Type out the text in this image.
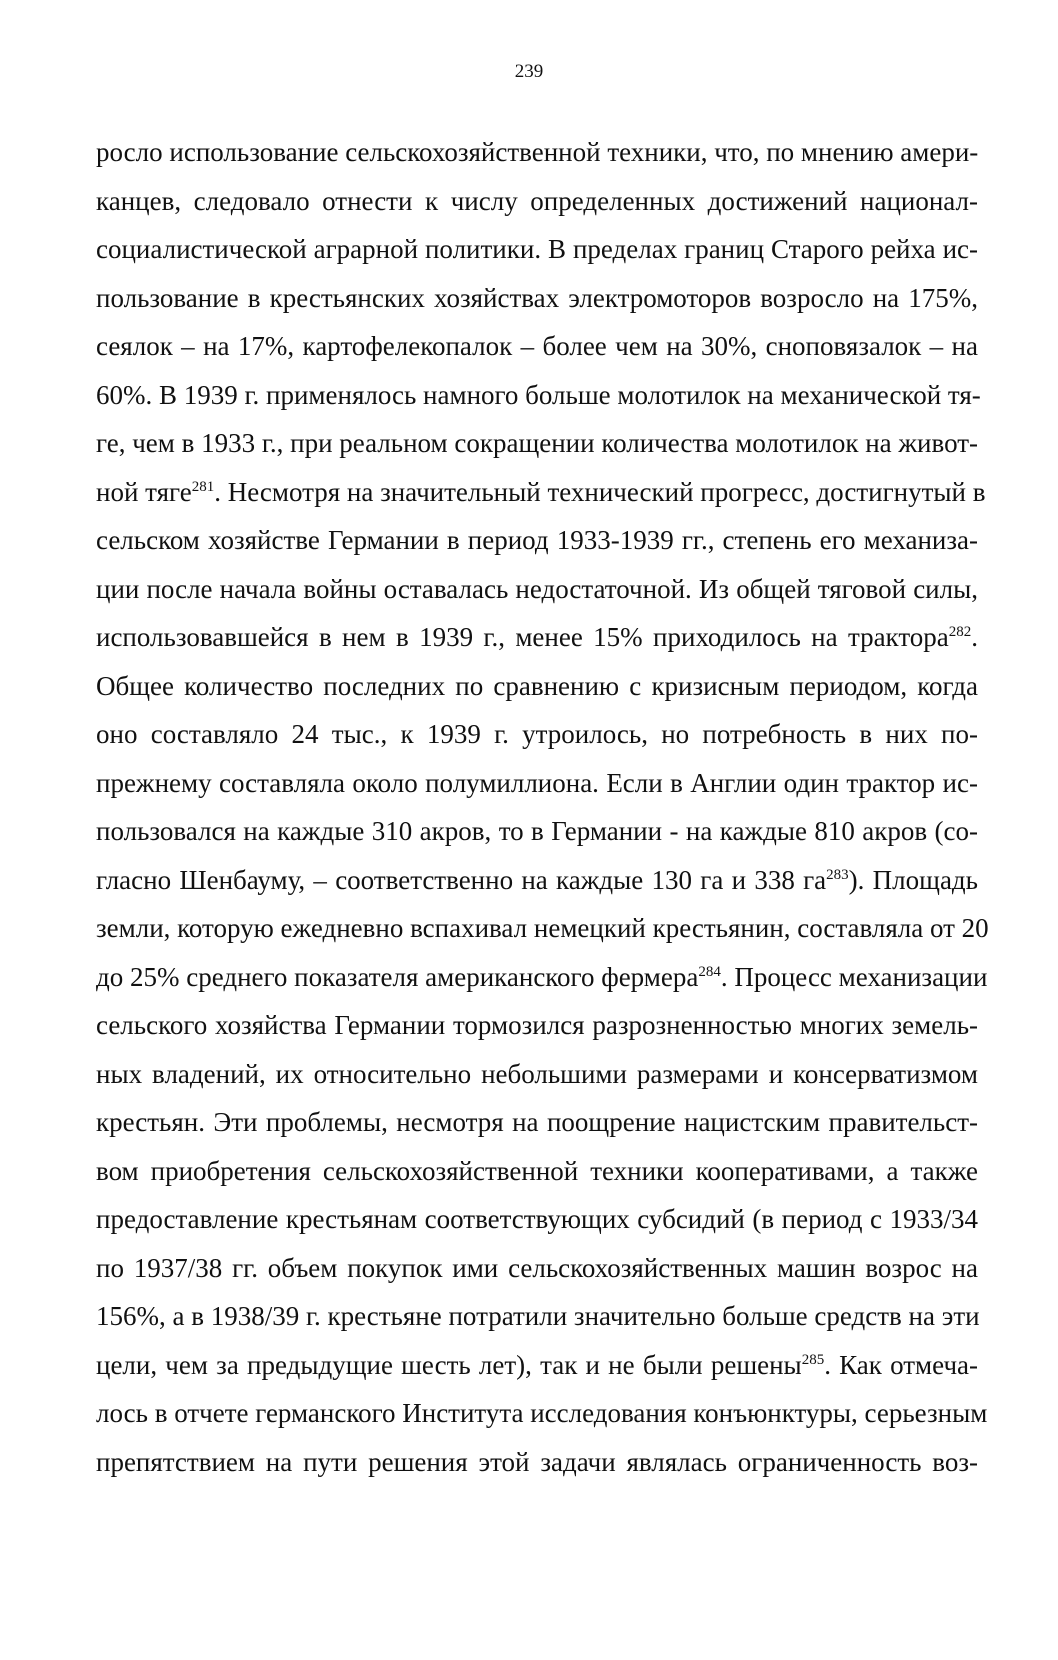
239
росло использование сельскохозяйственной техники, что, по мнению амери-
канцев, следовало отнести к числу определенных достижений национал-
социалистической аграрной политики. В пределах границ Старого рейха ис-
пользование в крестьянских хозяйствах электромоторов возросло на 175%,
сеялок – на 17%, картофелекопалок – более чем на 30%, сноповязалок – на
60%. В 1939 г. применялось намного больше молотилок на механической тя-
ге, чем в 1933 г., при реальном сокращении количества молотилок на живот-
ной тяге$^{281}$. Несмотря на значительный технический прогресс, достигнутый в
сельском хозяйстве Германии в период 1933-1939 гг., степень его механиза-
ции после начала войны оставалась недостаточной. Из общей тяговой силы,
использовавшейся в нем в 1939 г., менее 15% приходилось на трактора$^{282}$.
Общее количество последних по сравнению с кризисным периодом, когда
оно составляло 24 тыс., к 1939 г. утроилось, но потребность в них по-
прежнему составляла около полумиллиона. Если в Англии один трактор ис-
пользовался на каждые 310 акров, то в Германии - на каждые 810 акров (со-
гласно Шенбауму, – соответственно на каждые 130 га и 338 $га^{283}$). Площадь
земли, которую ежедневно вспахивал немецкий крестьянин, составляла от 20
до 25% среднего показателя американского фермера$^{284}$. Процесс механизации
сельского хозяйства Германии тормозился разрозненностью многих земель-
ных владений, их относительно небольшими размерами и консерватизмом
крестьян. Эти проблемы, несмотря на поощрение нацистским правительст-
вом приобретения сельскохозяйственной техники кооперативами, а также
предоставление крестьянам соответствующих субсидий (в период с 1933/34
по 1937/38 гг. объем покупок ими сельскохозяйственных машин возрос на
156%, а в 1938/39 г. крестьяне потратили значительно больше средств на эти
цели, чем за предыдущие шесть лет), так и не были решены$^{285}$. Как отмеча-
лось в отчете германского Института исследования конъюнктуры, серьезным
препятствием на пути решения этой задачи являлась ограниченность воз-
